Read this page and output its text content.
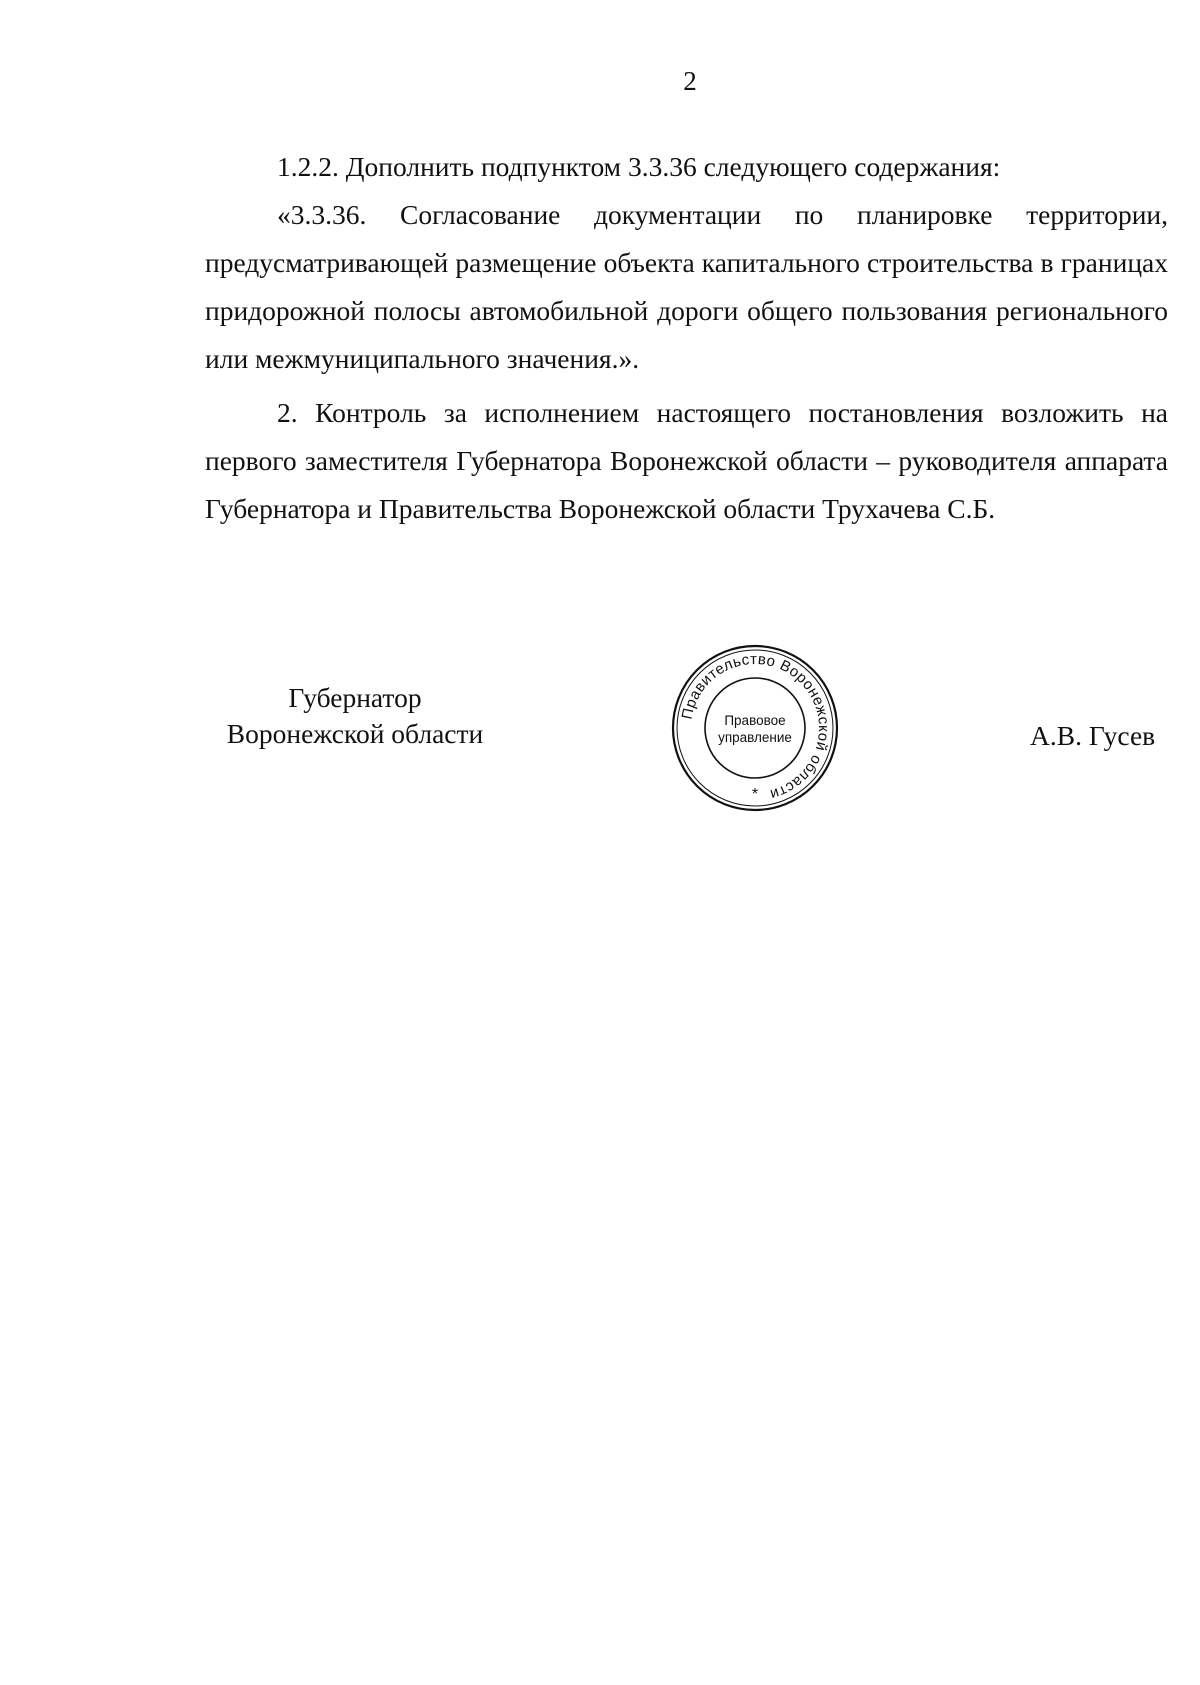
2

1.2.2. Дополнить подпунктом 3.3.36 следующего содержания:

«3.3.36. Согласование документации по планировке территории, предусматривающей размещение объекта капитального строительства в границах придорожной полосы автомобильной дороги общего пользования регионального или межмуниципального значения.».

2. Контроль за исполнением настоящего постановления возложить на первого заместителя Губернатора Воронежской области – руководителя аппарата Губернатора и Правительства Воронежской области Трухачева С.Б.

Губернатор
Воронежской области
Правительство Воронежской области
Правовое
управление
*
А.В. Гусев
